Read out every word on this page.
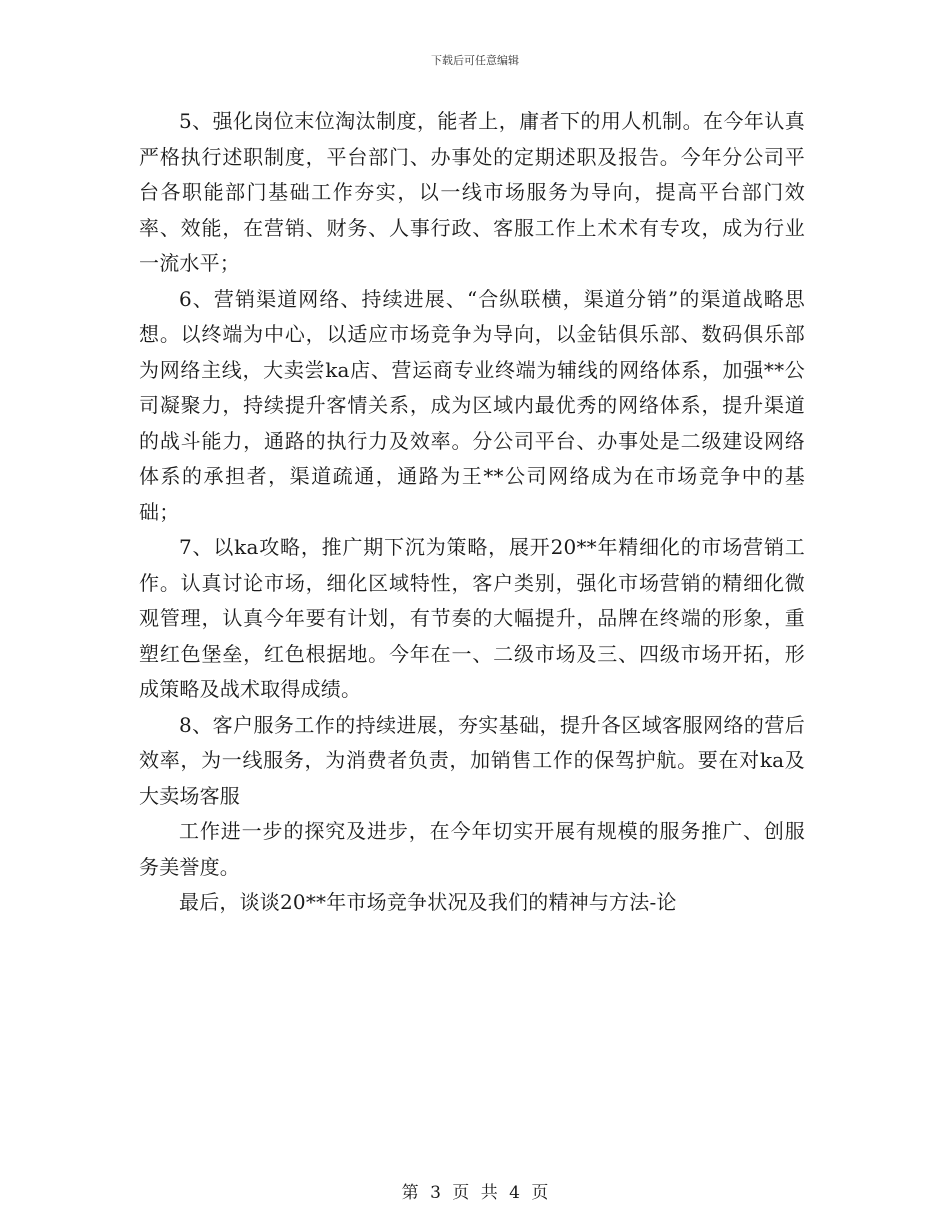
下载后可任意编辑

5、强化岗位末位淘汰制度，能者上，庸者下的用人机制。在今年认真严格执行述职制度，平台部门、办事处的定期述职及报告。今年分公司平台各职能部门基础工作夯实，以一线市场服务为导向，提高平台部门效率、效能，在营销、财务、人事行政、客服工作上术术有专攻，成为行业一流水平；

6、营销渠道网络、持续进展、“合纵联横，渠道分销”的渠道战略思想。以终端为中心，以适应市场竞争为导向，以金钻俱乐部、数码俱乐部为网络主线，大卖尝ka店、营运商专业终端为辅线的网络体系，加强**公司凝聚力，持续提升客情关系，成为区域内最优秀的网络体系，提升渠道的战斗能力，通路的执行力及效率。分公司平台、办事处是二级建设网络体系的承担者，渠道疏通，通路为王**公司网络成为在市场竞争中的基础；

7、以ka攻略，推广期下沉为策略，展开20**年精细化的市场营销工作。认真讨论市场，细化区域特性，客户类别，强化市场营销的精细化微观管理，认真今年要有计划，有节奏的大幅提升，品牌在终端的形象，重塑红色堡垒，红色根据地。今年在一、二级市场及三、四级市场开拓，形成策略及战术取得成绩。

8、客户服务工作的持续进展，夯实基础，提升各区域客服网络的营后效率，为一线服务，为消费者负责，加销售工作的保驾护航。要在对ka及大卖场客服

工作进一步的探究及进步，在今年切实开展有规模的服务推广、创服务美誉度。

最后，谈谈20**年市场竞争状况及我们的精神与方法-论

第 3 页 共 4 页
